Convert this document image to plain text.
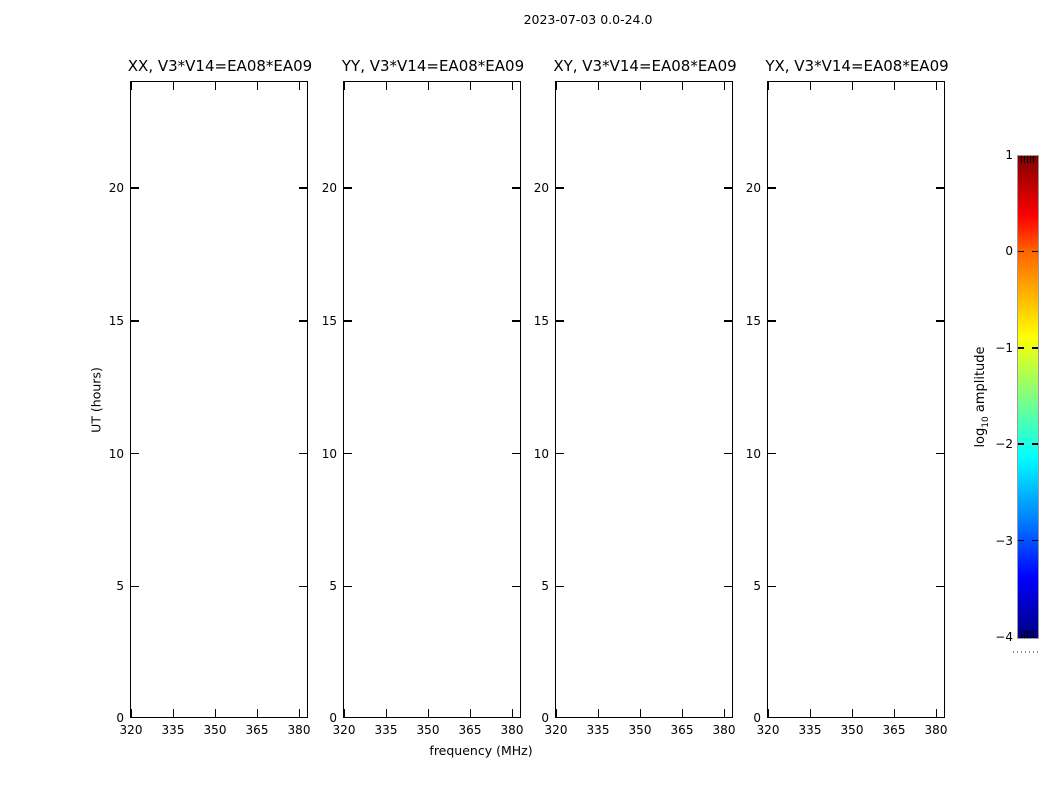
2023-07-03 0.0-24.0
XX, V3*V14=EA08*EA09
320	335	350	365	380
0
5
10
15
20
YY, V3*V14=EA08*EA09
320	335	350	365	380
0
5
10
15
20
XY, V3*V14=EA08*EA09
320	335	350	365	380
0
5
10
15
20
YX, V3*V14=EA08*EA09
320	335	350	365	380
0
5
10
15
20
frequency (MHz)
UT (hours)
1
0
−1
−2
−3
−4
$\log_{10}$ amplitude
